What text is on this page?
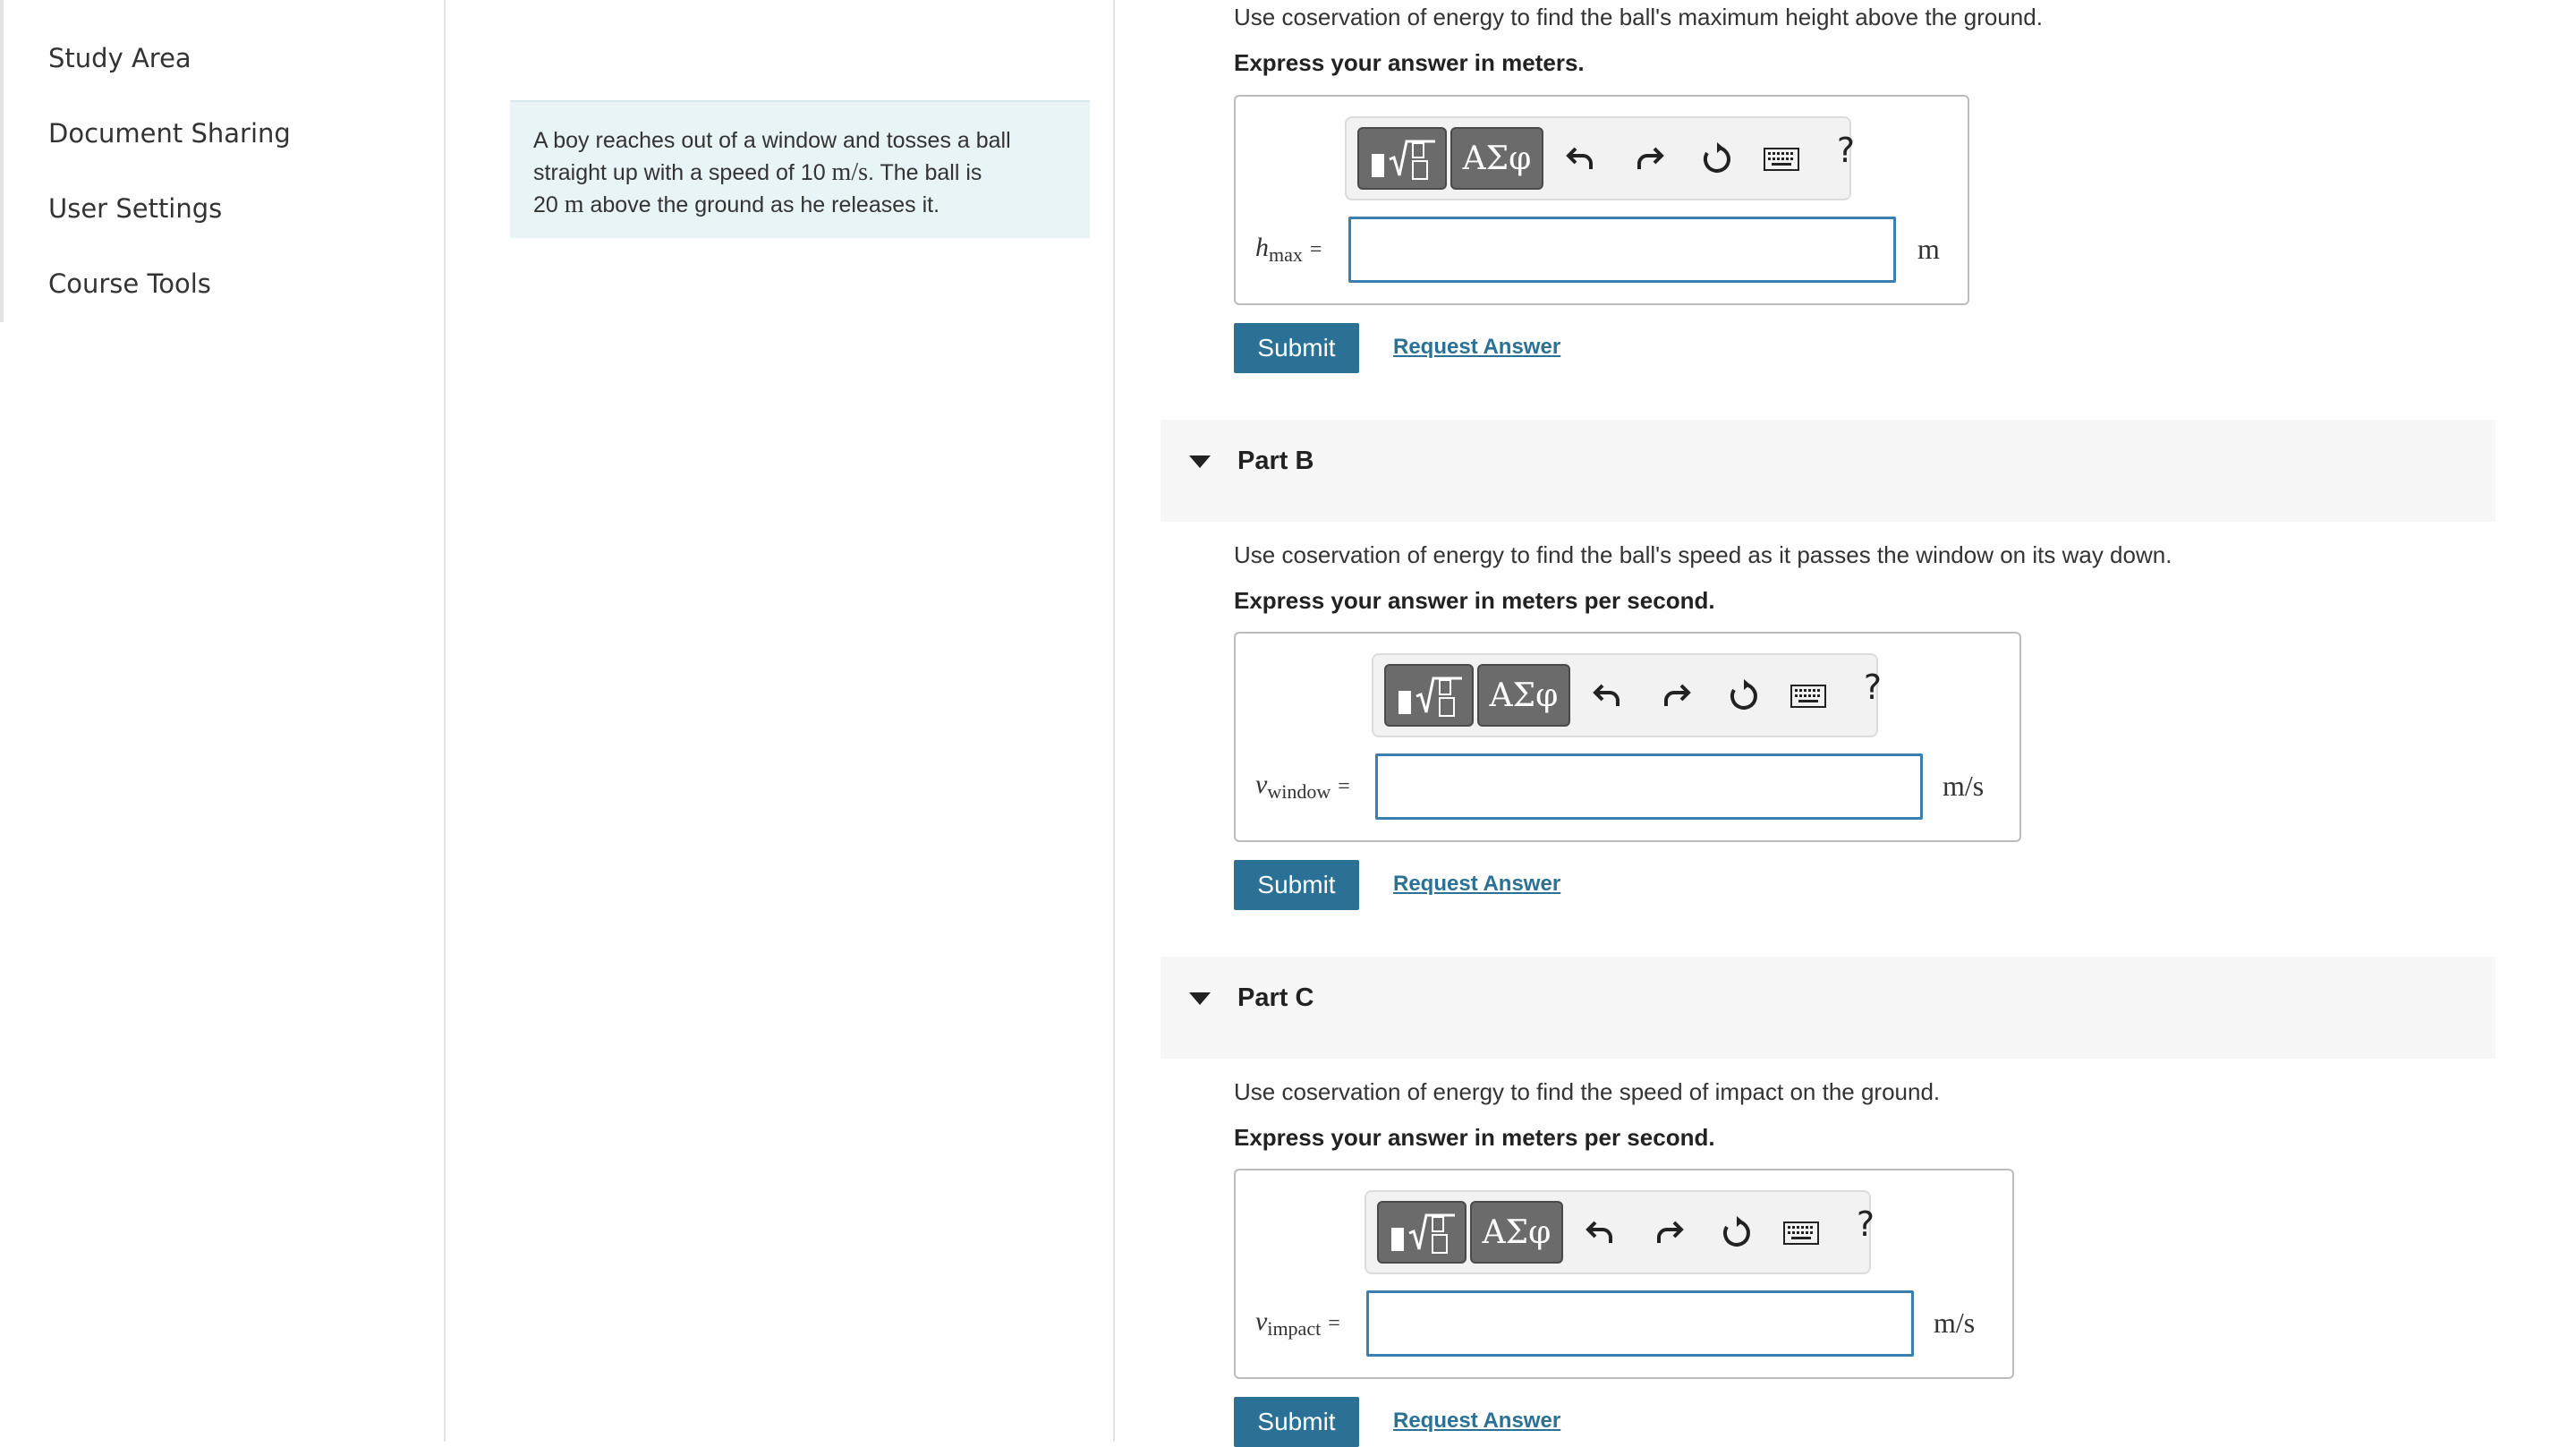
Study Area
Document Sharing
User Settings
Course Tools
A boy reaches out of a window and tosses a ball
straight up with a speed of 10 m/s. The ball is
20 m above the ground as he releases it.
Use coservation of energy to find the ball's maximum height above the ground.
Express your answer in meters.
ΑΣφ	?
$h_{max}$ =	m
Submit	Request Answer
Part B
Use coservation of energy to find the ball's speed as it passes the window on its way down.
Express your answer in meters per second.
ΑΣφ	?
$v_{window}$ =	m/s
Submit	Request Answer
Part C
Use coservation of energy to find the speed of impact on the ground.
Express your answer in meters per second.
ΑΣφ	?
$v_{impact}$ =	m/s
Submit	Request Answer
